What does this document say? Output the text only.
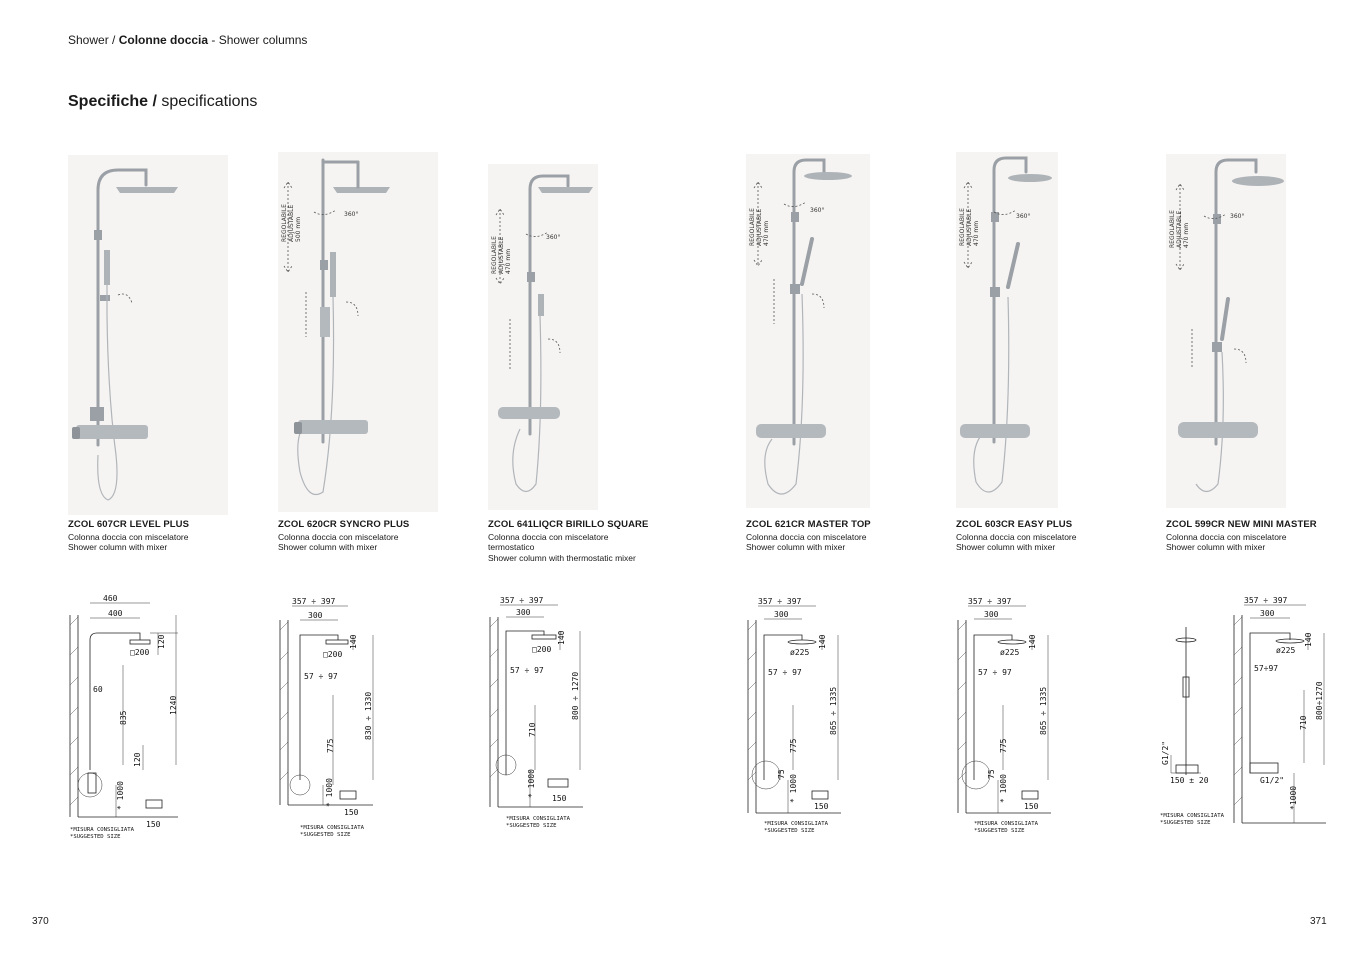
Shower / Colonne doccia - Shower columns
Specifiche / specifications
ZCOL 607CR LEVEL PLUS
Colonna doccia con miscelatore
Shower column with mixer
460
400
120
□200
60
835
1240
120
150
* 1000
*MISURA CONSIGLIATA
*SUGGESTED SIZE
REGOLABILE ADJUSTABLE 500 mm
360°
ZCOL 620CR SYNCRO PLUS
Colonna doccia con miscelatore
Shower column with mixer
357 ÷ 397
300
140
□200
57 ÷ 97
830 ÷ 1330
775
150
* 1000
*MISURA CONSIGLIATA
*SUGGESTED SIZE
REGOLABILE ADJUSTABLE 470 mm
360°
ZCOL 641LIQCR BIRILLO SQUARE
Colonna doccia con miscelatore
termostatico
Shower column with thermostatic mixer
357 ÷ 397
300
140
□200
57 ÷ 97
800 ÷ 1270
710
150
* 1000
*MISURA CONSIGLIATA
*SUGGESTED SIZE
REGOLABILE ADJUSTABLE 470 mm
360°
ZCOL 621CR MASTER TOP
Colonna doccia con miscelatore
Shower column with mixer
357 ÷ 397
300
140
ø225
57 ÷ 97
865 ÷ 1335
775
75
150
* 1000
*MISURA CONSIGLIATA
*SUGGESTED SIZE
REGOLABILE ADJUSTABLE 470 mm
360°
ZCOL 603CR EASY PLUS
Colonna doccia con miscelatore
Shower column with mixer
357 ÷ 397
300
140
ø225
57 ÷ 97
865 ÷ 1335
775
75
150
* 1000
*MISURA CONSIGLIATA
*SUGGESTED SIZE
REGOLABILE ADJUSTABLE 470 mm
360°
ZCOL 599CR NEW MINI MASTER
Colonna doccia con miscelatore
Shower column with mixer
G1/2"
150 ± 20
357 ÷ 397
300
140
ø225
57÷97
800÷1270
710
G1/2"
*1000
*MISURA CONSIGLIATA
*SUGGESTED SIZE
370	371
